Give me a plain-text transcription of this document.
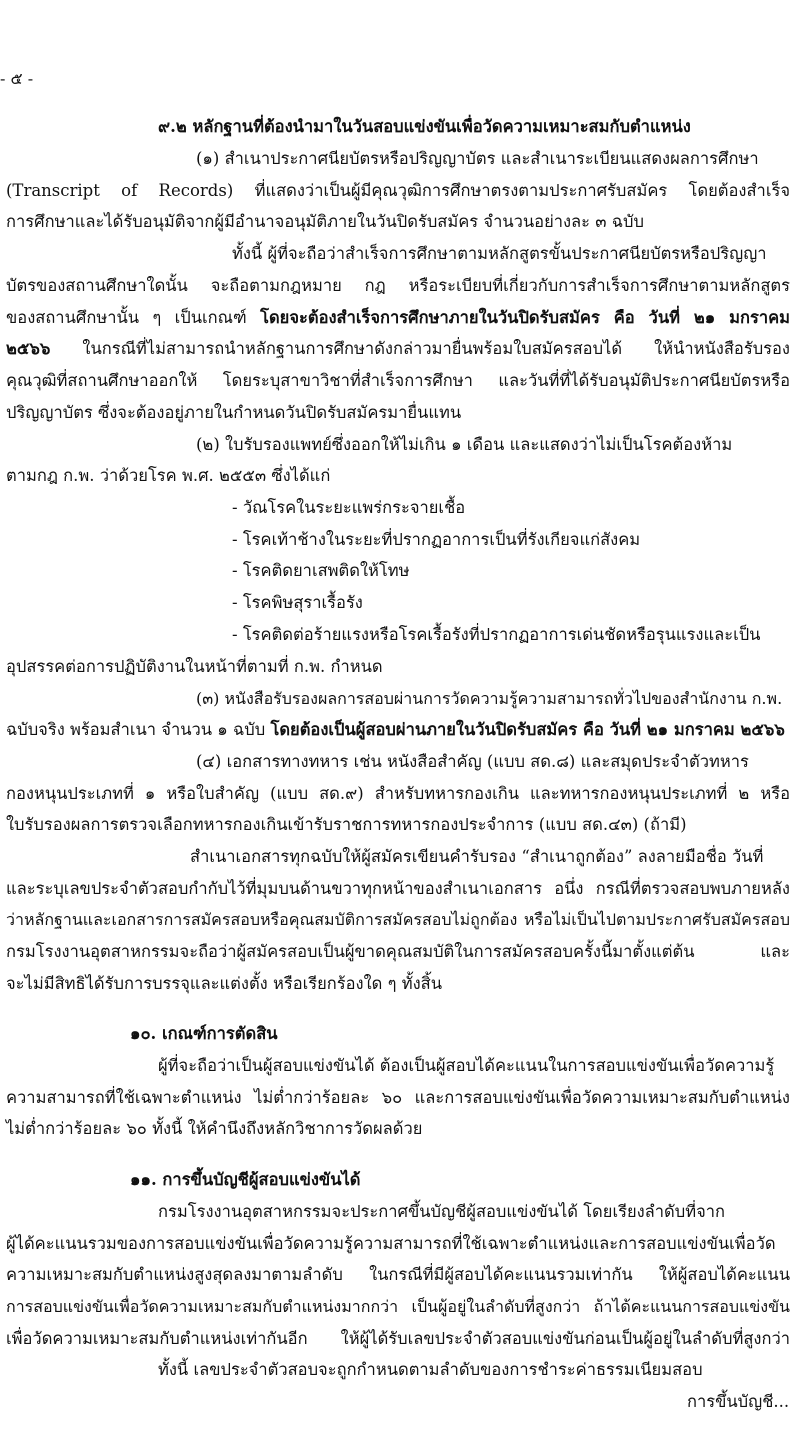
- ๕ -

๙.๒ หลักฐานที่ต้องนำมาในวันสอบแข่งขันเพื่อวัดความเหมาะสมกับตำแหน่ง

(๑) สำเนาประกาศนียบัตรหรือปริญญาบัตร และสำเนาระเบียนแสดงผลการศึกษา

(Transcript of Records) ที่แสดงว่าเป็นผู้มีคุณวุฒิการศึกษาตรงตามประกาศรับสมัคร โดยต้องสำเร็จ

การศึกษาและได้รับอนุมัติจากผู้มีอำนาจอนุมัติภายในวันปิดรับสมัคร จำนวนอย่างละ ๓ ฉบับ

ทั้งนี้ ผู้ที่จะถือว่าสำเร็จการศึกษาตามหลักสูตรขั้นประกาศนียบัตรหรือปริญญา

บัตรของสถานศึกษาใดนั้น จะถือตามกฎหมาย กฎ หรือระเบียบที่เกี่ยวกับการสำเร็จการศึกษาตามหลักสูตร

ของสถานศึกษานั้น ๆ เป็นเกณฑ์ โดยจะต้องสำเร็จการศึกษาภายในวันปิดรับสมัคร คือ วันที่ ๒๑ มกราคม

๒๕๖๖ ในกรณีที่ไม่สามารถนำหลักฐานการศึกษาดังกล่าวมายื่นพร้อมใบสมัครสอบได้ ให้นำหนังสือรับรอง

คุณวุฒิที่สถานศึกษาออกให้ โดยระบุสาขาวิชาที่สำเร็จการศึกษา และวันที่ที่ได้รับอนุมัติประกาศนียบัตรหรือ

ปริญญาบัตร ซึ่งจะต้องอยู่ภายในกำหนดวันปิดรับสมัครมายื่นแทน

(๒) ใบรับรองแพทย์ซึ่งออกให้ไม่เกิน ๑ เดือน และแสดงว่าไม่เป็นโรคต้องห้าม

ตามกฎ ก.พ. ว่าด้วยโรค พ.ศ. ๒๕๕๓ ซึ่งได้แก่

- วัณโรคในระยะแพร่กระจายเชื้อ

- โรคเท้าช้างในระยะที่ปรากฏอาการเป็นที่รังเกียจแก่สังคม

- โรคติดยาเสพติดให้โทษ

- โรคพิษสุราเรื้อรัง

- โรคติดต่อร้ายแรงหรือโรคเรื้อรังที่ปรากฏอาการเด่นชัดหรือรุนแรงและเป็น

อุปสรรคต่อการปฏิบัติงานในหน้าที่ตามที่ ก.พ. กำหนด

(๓) หนังสือรับรองผลการสอบผ่านการวัดความรู้ความสามารถทั่วไปของสำนักงาน ก.พ.

ฉบับจริง พร้อมสำเนา จำนวน ๑ ฉบับ โดยต้องเป็นผู้สอบผ่านภายในวันปิดรับสมัคร คือ วันที่ ๒๑ มกราคม ๒๕๖๖

(๔) เอกสารทางทหาร เช่น หนังสือสำคัญ (แบบ สด.๘) และสมุดประจำตัวทหาร

กองหนุนประเภทที่ ๑ หรือใบสำคัญ (แบบ สด.๙) สำหรับทหารกองเกิน และทหารกองหนุนประเภทที่ ๒ หรือ

ใบรับรองผลการตรวจเลือกทหารกองเกินเข้ารับราชการทหารกองประจำการ (แบบ สด.๔๓) (ถ้ามี)

สำเนาเอกสารทุกฉบับให้ผู้สมัครเขียนคำรับรอง “สำเนาถูกต้อง” ลงลายมือชื่อ วันที่

และระบุเลขประจำตัวสอบกำกับไว้ที่มุมบนด้านขวาทุกหน้าของสำเนาเอกสาร อนึ่ง กรณีที่ตรวจสอบพบภายหลัง

ว่าหลักฐานและเอกสารการสมัครสอบหรือคุณสมบัติการสมัครสอบไม่ถูกต้อง หรือไม่เป็นไปตามประกาศรับสมัครสอบ

กรมโรงงานอุตสาหกรรมจะถือว่าผู้สมัครสอบเป็นผู้ขาดคุณสมบัติในการสมัครสอบครั้งนี้มาตั้งแต่ต้น และ

จะไม่มีสิทธิได้รับการบรรจุและแต่งตั้ง หรือเรียกร้องใด ๆ ทั้งสิ้น

๑๐. เกณฑ์การตัดสิน

ผู้ที่จะถือว่าเป็นผู้สอบแข่งขันได้ ต้องเป็นผู้สอบได้คะแนนในการสอบแข่งขันเพื่อวัดความรู้

ความสามารถที่ใช้เฉพาะตำแหน่ง ไม่ต่ำกว่าร้อยละ ๖๐ และการสอบแข่งขันเพื่อวัดความเหมาะสมกับตำแหน่ง

ไม่ต่ำกว่าร้อยละ ๖๐ ทั้งนี้ ให้คำนึงถึงหลักวิชาการวัดผลด้วย

๑๑. การขึ้นบัญชีผู้สอบแข่งขันได้

กรมโรงงานอุตสาหกรรมจะประกาศขึ้นบัญชีผู้สอบแข่งขันได้ โดยเรียงลำดับที่จาก

ผู้ได้คะแนนรวมของการสอบแข่งขันเพื่อวัดความรู้ความสามารถที่ใช้เฉพาะตำแหน่งและการสอบแข่งขันเพื่อวัด

ความเหมาะสมกับตำแหน่งสูงสุดลงมาตามลำดับ ในกรณีที่มีผู้สอบได้คะแนนรวมเท่ากัน ให้ผู้สอบได้คะแนน

การสอบแข่งขันเพื่อวัดความเหมาะสมกับตำแหน่งมากกว่า เป็นผู้อยู่ในลำดับที่สูงกว่า ถ้าได้คะแนนการสอบแข่งขัน

เพื่อวัดความเหมาะสมกับตำแหน่งเท่ากันอีก ให้ผู้ได้รับเลขประจำตัวสอบแข่งขันก่อนเป็นผู้อยู่ในลำดับที่สูงกว่า

ทั้งนี้ เลขประจำตัวสอบจะถูกกำหนดตามลำดับของการชำระค่าธรรมเนียมสอบ

การขึ้นบัญชี...
